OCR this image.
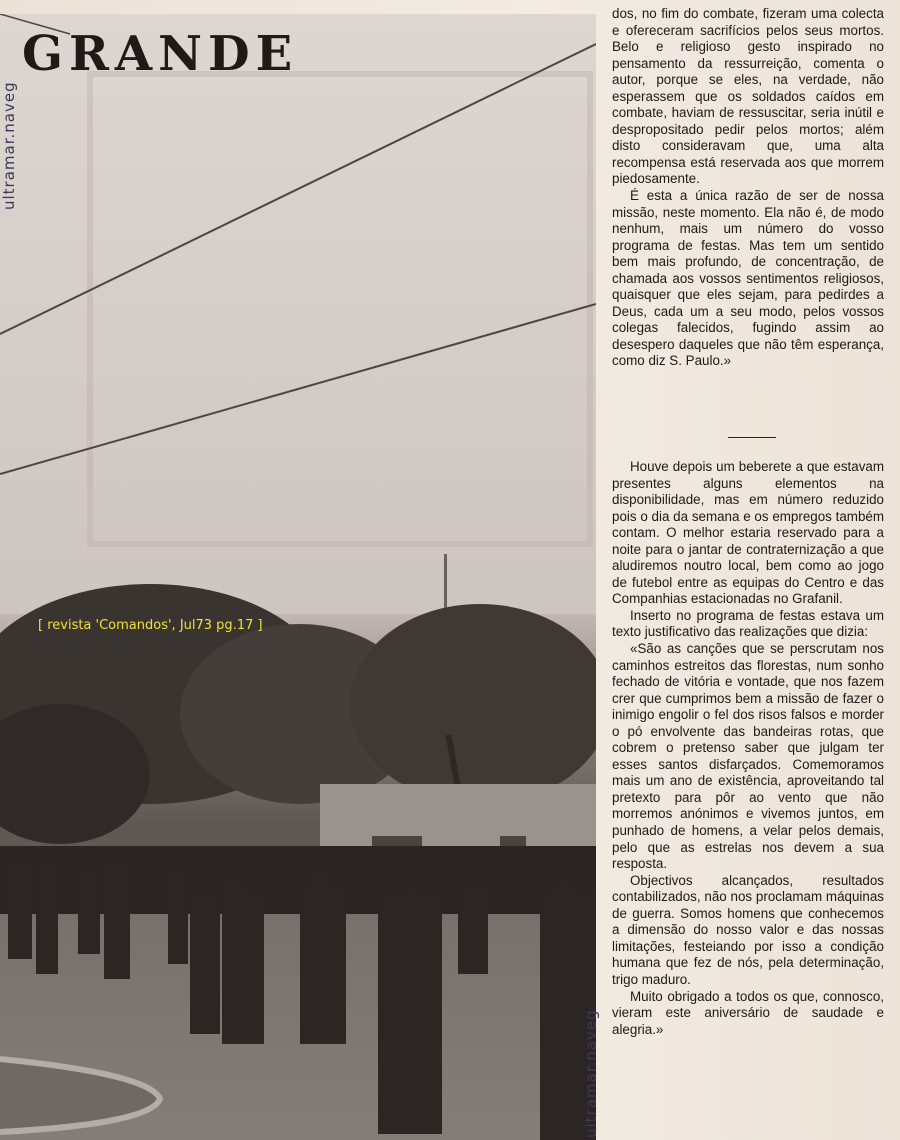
GRANDE
ultramar.naveg
ultramar.naveg
[ revista 'Comandos', Jul73 pg.17 ]

dos, no fim do combate, fizeram uma colecta e ofereceram sacrifícios pelos seus mortos. Belo e religioso gesto inspirado no pensamento da ressurreição, comenta o autor, porque se eles, na verdade, não esperassem que os soldados caídos em combate, haviam de ressuscitar, seria inútil e despropositado pedir pelos mortos; além disto consideravam que, uma alta recompensa está reservada aos que morrem piedosamente.

É esta a única razão de ser de nossa missão, neste momento. Ela não é, de modo nenhum, mais um número do vosso programa de festas. Mas tem um sentido bem mais profundo, de concentração, de chamada aos vossos sentimentos religiosos, quaisquer que eles sejam, para pedirdes a Deus, cada um a seu modo, pelos vossos colegas falecidos, fugindo assim ao desespero daqueles que não têm esperança, como diz S. Paulo.»

Houve depois um beberete a que estavam presentes alguns elementos na disponibilidade, mas em número reduzido pois o dia da semana e os empregos também contam. O melhor estaria reservado para a noite para o jantar de contraternização a que aludiremos noutro local, bem como ao jogo de futebol entre as equipas do Centro e das Companhias estacionadas no Grafanil.

Inserto no programa de festas estava um texto justificativo das realizações que dizia:

«São as canções que se perscrutam nos caminhos estreitos das florestas, num sonho fechado de vitória e vontade, que nos fazem crer que cumprimos bem a missão de fazer o inimigo engolir o fel dos risos falsos e morder o pó envolvente das bandeiras rotas, que cobrem o pretenso saber que julgam ter esses santos disfarçados. Comemoramos mais um ano de existência, aproveitando tal pretexto para pôr ao vento que não morremos anónimos e vivemos juntos, em punhado de homens, a velar pelos demais, pelo que as estrelas nos devem a sua resposta.

Objectivos alcançados, resultados contabilizados, não nos proclamam máquinas de guerra. Somos homens que conhecemos a dimensão do nosso valor e das nossas limitações, festeiando por isso a condição humana que fez de nós, pela determinação, trigo maduro.

Muito obrigado a todos os que, connosco, vieram este aniversário de saudade e alegria.»
